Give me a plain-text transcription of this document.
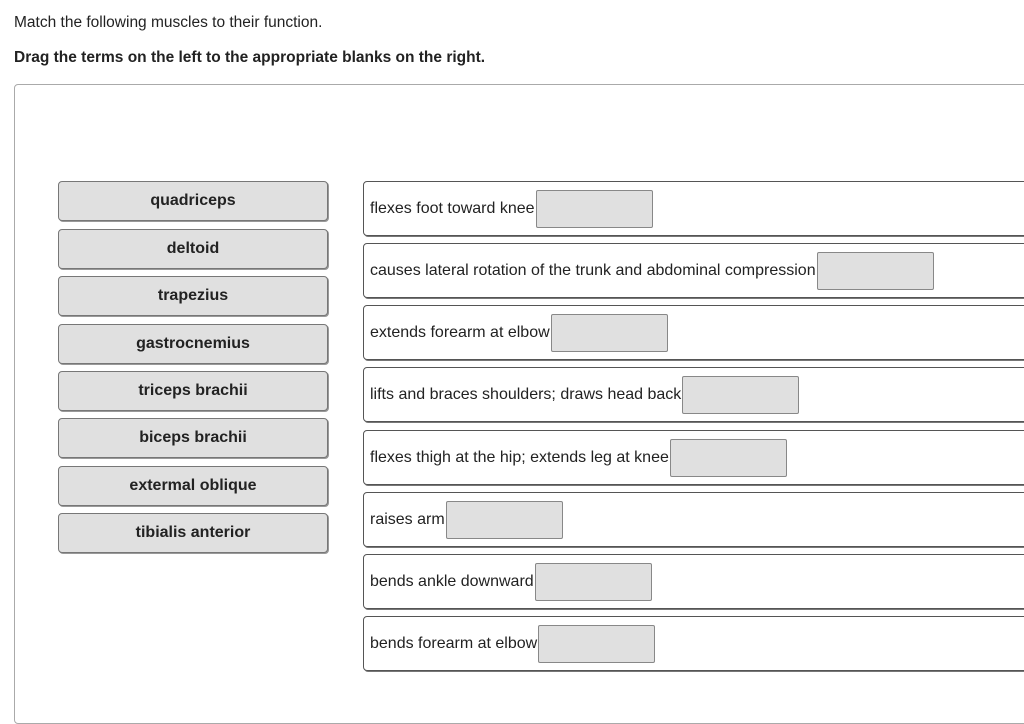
Match the following muscles to their function.
Drag the terms on the left to the appropriate blanks on the right.
quadriceps
deltoid
trapezius
gastrocnemius
triceps brachii
biceps brachii
extermal oblique
tibialis anterior
flexes foot toward knee
causes lateral rotation of the trunk and abdominal compression
extends forearm at elbow
lifts and braces shoulders; draws head back
flexes thigh at the hip; extends leg at knee
raises arm
bends ankle downward
bends forearm at elbow
